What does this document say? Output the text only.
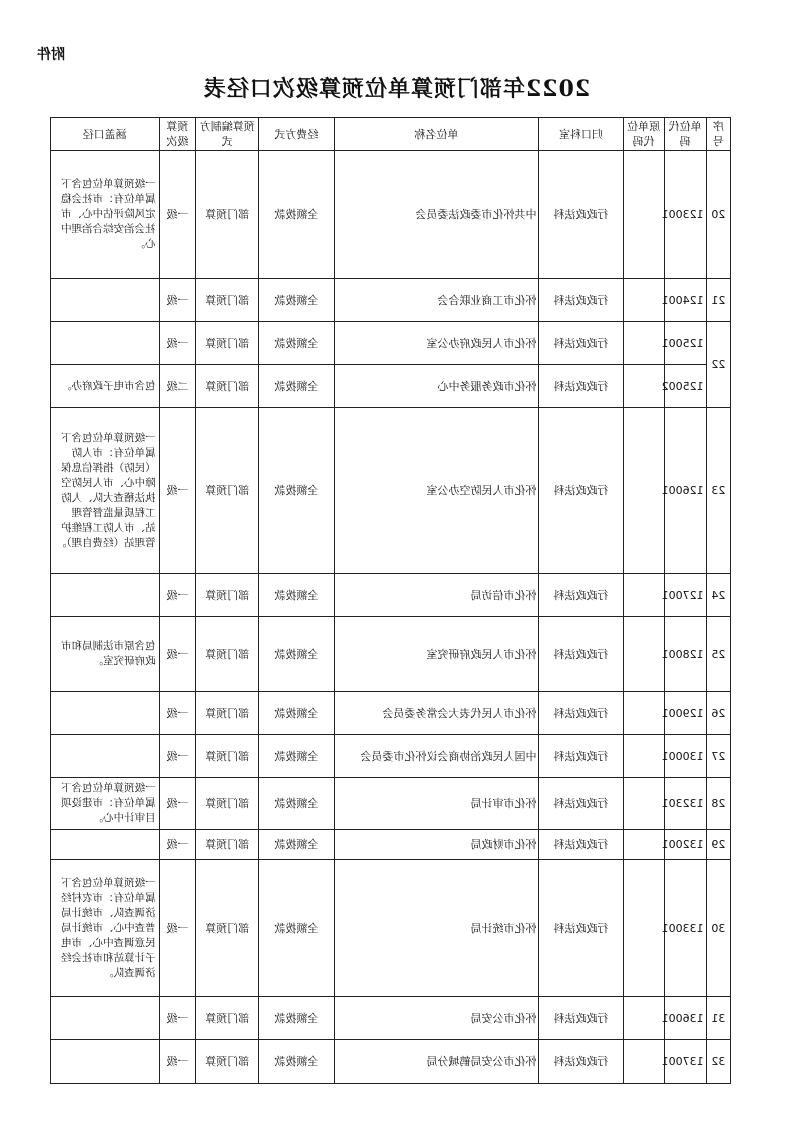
附件
2022年部门预算单位预算级次口径表
序号	单位代码	原单位代码	归口科室	单位名称	经费方式	预算编制方式	预算级次	涵盖口径
20	123001		行政政法科	中共怀化市委政法委员会	全额拨款	部门预算	一级	一级预算单位包含下属单位有：市社会稳定风险评估中心、市社会治安综合治理中心。
21	124001		行政政法科	怀化市工商业联合会	全额拨款	部门预算	一级	
22	125001		行政政法科	怀化市人民政府办公室	全额拨款	部门预算	一级	
	125002		行政政法科	怀化市政务服务中心	全额拨款	部门预算	二级	包含市电子政府办。
23	126001		行政政法科	怀化市人民防空办公室	全额拨款	部门预算	一级	一级预算单位包含下属单位有：市人防（民防）指挥信息保障中心、市人民防空执法稽查大队、人防工程质量监督管理站、市人防工程维护管理站（经费自理）。
24	127001		行政政法科	怀化市信访局	全额拨款	部门预算	一级	
25	128001		行政政法科	怀化市人民政府研究室	全额拨款	部门预算	一级	包含原市法制局和市政府研究室。
26	129001		行政政法科	怀化市人民代表大会常务委员会	全额拨款	部门预算	一级	
27	130001		行政政法科	中国人民政治协商会议怀化市委员会	全额拨款	部门预算	一级	
28	132301		行政政法科	怀化市审计局	全额拨款	部门预算	一级	一级预算单位包含下属单位有：市建设项目审计中心。
29	132001		行政政法科	怀化市财政局	全额拨款	部门预算	一级	
30	133001		行政政法科	怀化市统计局	全额拨款	部门预算	一级	一级预算单位包含下属单位有：市农村经济调查队、市统计局普查中心、市统计局民意调查中心、市电子计算站和市社会经济调查队。
31	136001		行政政法科	怀化市公安局	全额拨款	部门预算	一级	
32	137001		行政政法科	怀化市公安局鹤城分局	全额拨款	部门预算	一级	
